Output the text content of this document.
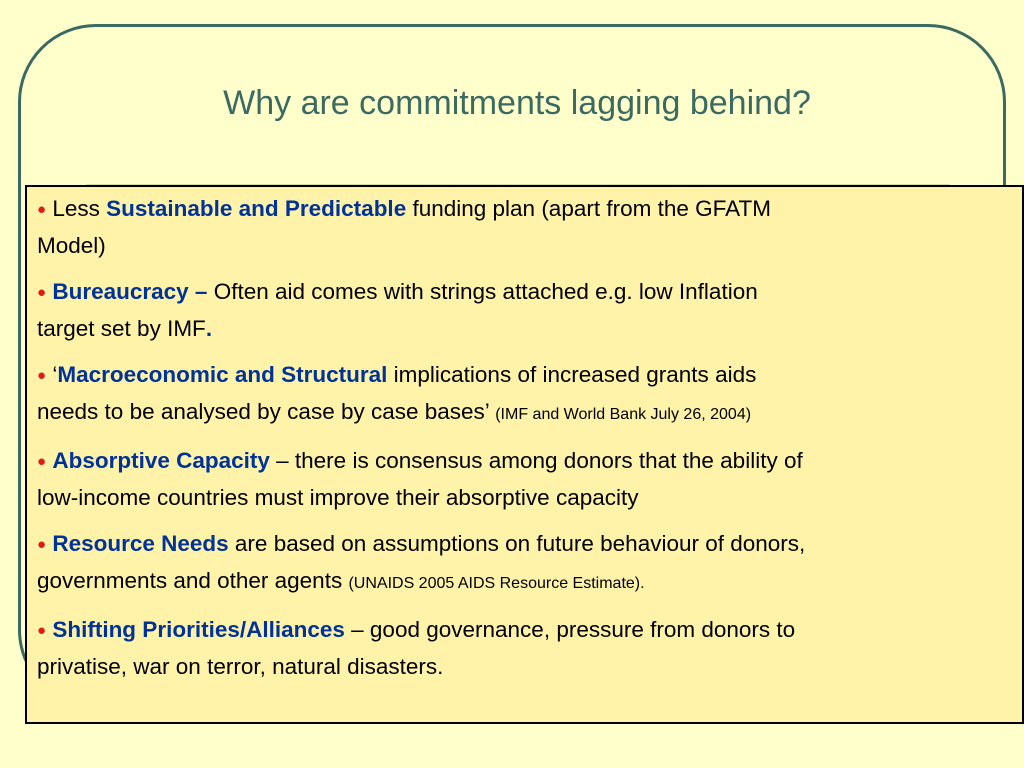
Why are commitments lagging behind?
● Less Sustainable and Predictable funding plan (apart from the GFATM
Model)
● Bureaucracy – Often aid comes with strings attached e.g. low Inflation
target set by IMF.
● ‘Macroeconomic and Structural implications of increased grants aids
needs to be analysed by case by case bases’ (IMF and World Bank July 26, 2004)
● Absorptive Capacity – there is consensus among donors that the ability of
low-income countries must improve their absorptive capacity
● Resource Needs are based on assumptions on future behaviour of donors,
governments and other agents (UNAIDS 2005 AIDS Resource Estimate).
● Shifting Priorities/Alliances – good governance, pressure from donors to
privatise, war on terror, natural disasters.
